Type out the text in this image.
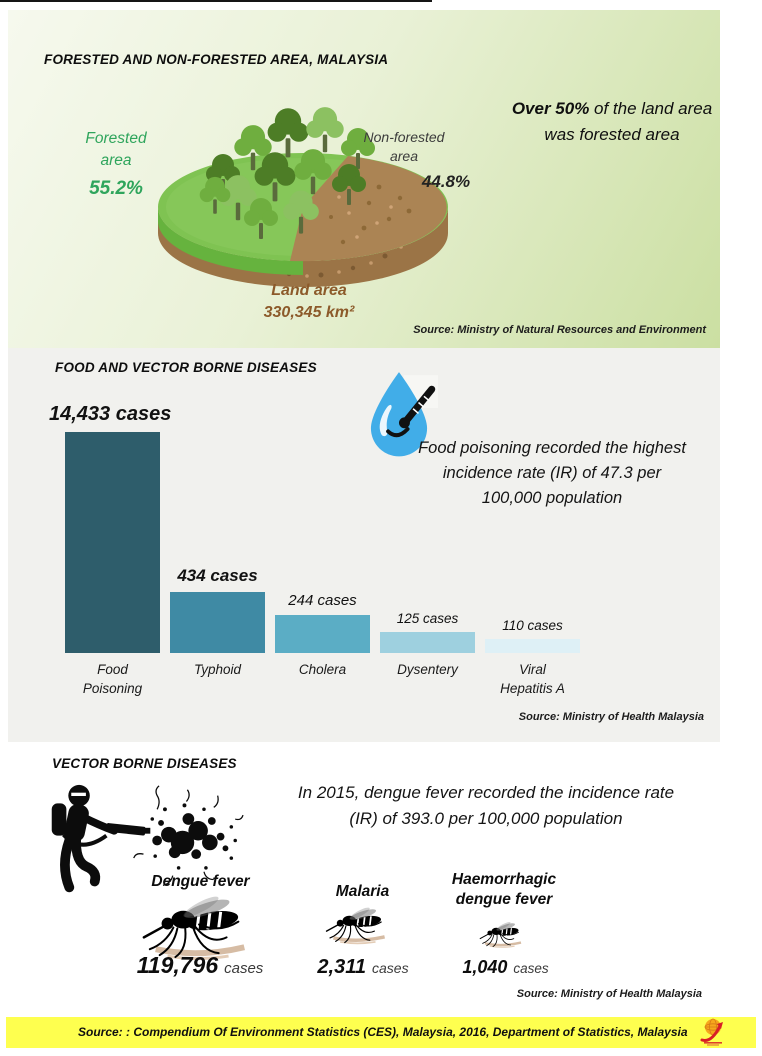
FORESTED AND NON-FORESTED AREA, MALAYSIA
Forested
area
55.2%
Non-forested
area
44.8%
Over 50% of the land area was forested area
Land area
330,345 km²
Source: Ministry of Natural Resources and Environment
FOOD AND VECTOR BORNE DISEASES
14,433 cases
Food
Poisoning
434 cases
Typhoid
244 cases
Cholera
125 cases
Dysentery
110 cases
Viral
Hepatitis A
Food poisoning recorded the highest incidence rate (IR) of 47.3 per 100,000 population
Source: Ministry of Health Malaysia
VECTOR BORNE DISEASES
In 2015, dengue fever recorded the incidence rate (IR) of 393.0 per 100,000 population
Dengue fever
119,796 cases
Malaria
2,311 cases
Haemorrhagic
dengue fever
1,040 cases
Source: Ministry of Health Malaysia
Source: : Compendium Of Environment Statistics (CES), Malaysia, 2016, Department of Statistics, Malaysia
